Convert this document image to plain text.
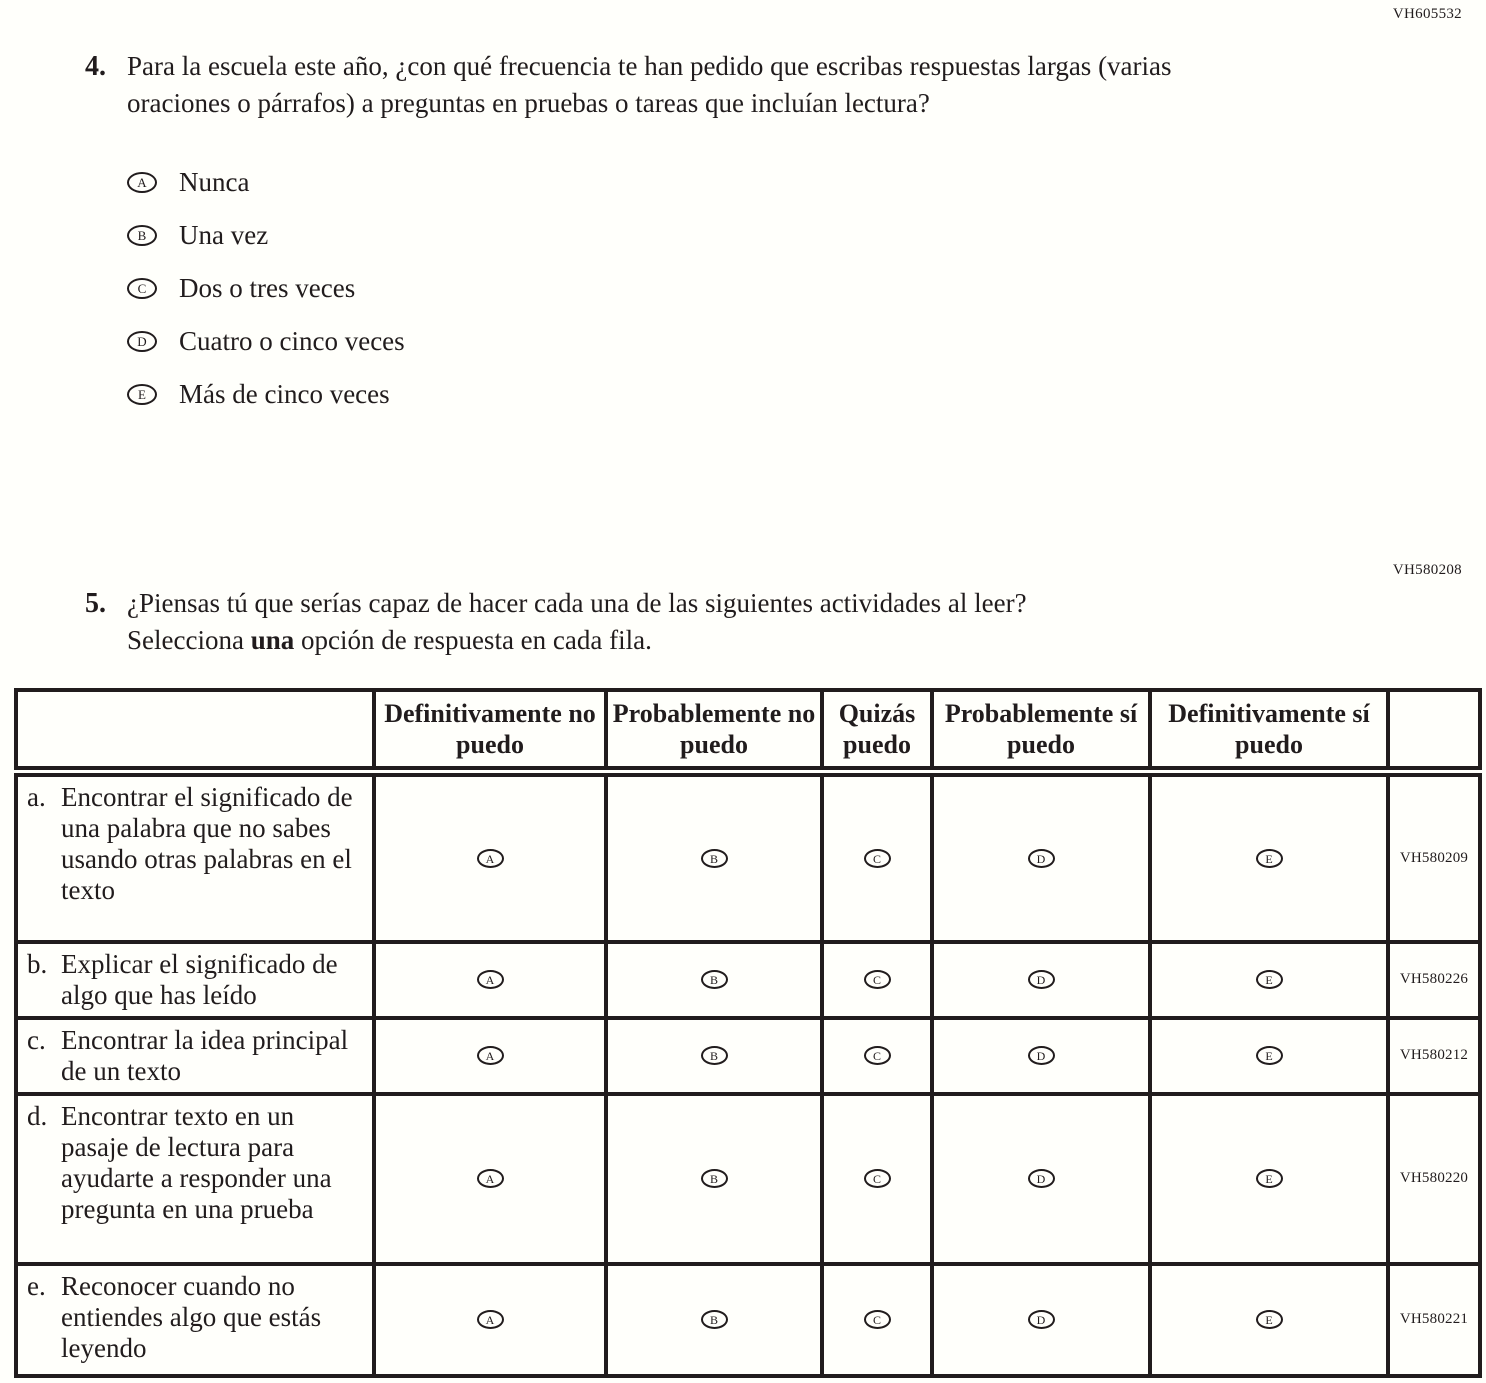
VH605532
4. Para la escuela este año, ¿con qué frecuencia te han pedido que escribas respuestas largas (varias oraciones o párrafos) a preguntas en pruebas o tareas que incluían lectura?
A Nunca
B Una vez
C Dos o tres veces
D Cuatro o cinco veces
E Más de cinco veces
VH580208
5. ¿Piensas tú que serías capaz de hacer cada una de las siguientes actividades al leer? Selecciona una opción de respuesta en cada fila.
	Definitivamente no puedo	Probablemente no puedo	Quizás puedo	Probablemente sí puedo	Definitivamente sí puedo	

a. Encontrar el significado de una palabra que no sabes usando otras palabras en el texto	A	B	C	D	E	VH580209

b. Explicar el significado de algo que has leído	A	B	C	D	E	VH580226

c. Encontrar la idea principal de un texto	A	B	C	D	E	VH580212

d. Encontrar texto en un pasaje de lectura para ayudarte a responder una pregunta en una prueba	A	B	C	D	E	VH580220

e. Reconocer cuando no entiendes algo que estás leyendo	A	B	C	D	E	VH580221
